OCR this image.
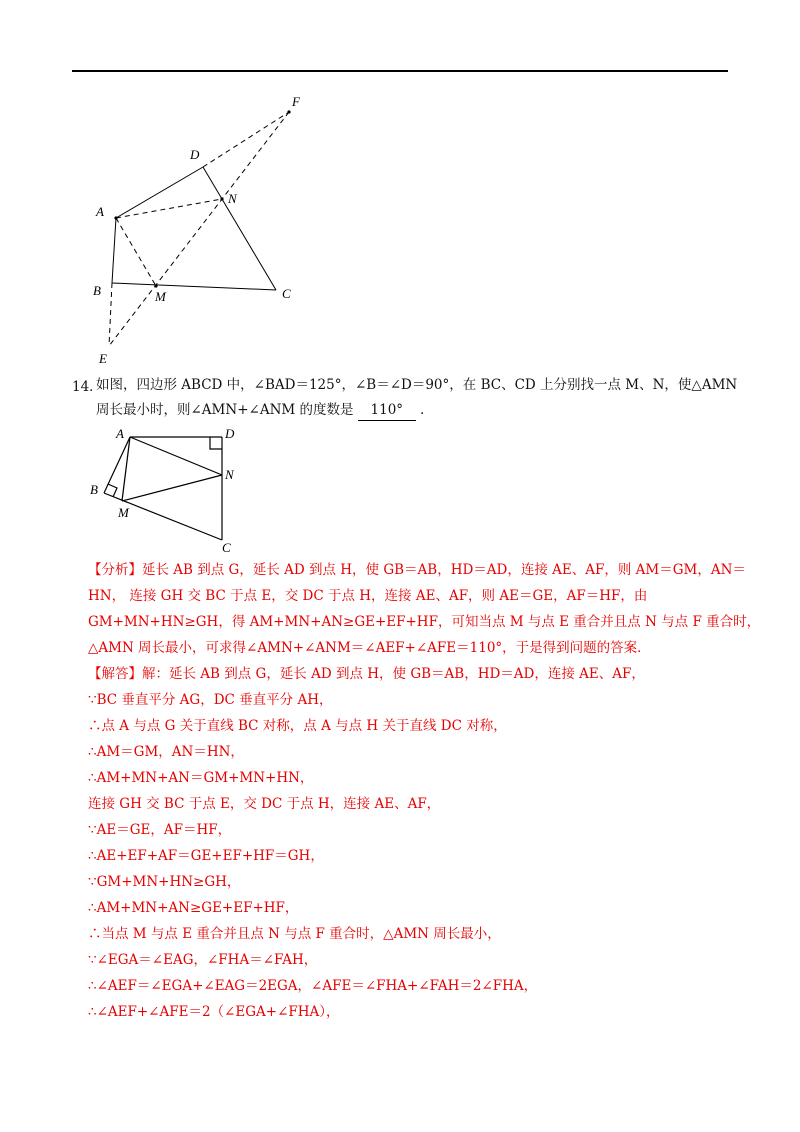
F
D
N
A
B	M	C
E
14．
如图，四边形 ABCD 中，∠BAD＝125°，∠B＝∠D＝90°，在 BC、CD 上分别找一点 M、N，使△AMN
周长最小时，则∠AMN+∠ANM 的度数是 110° ．
A	D
N
B
M
C
【分析】延长 AB 到点 G，延长 AD 到点 H，使 GB＝AB，HD＝AD，连接 AE、AF，则 AM＝GM，AN＝
HN， 连接 GH 交 BC 于点 E，交 DC 于点 H，连接 AE、AF，则 AE＝GE，AF＝HF，由
GM+MN+HN≥GH，得 AM+MN+AN≥GE+EF+HF，可知当点 M 与点 E 重合并且点 N 与点 F 重合时，
△AMN 周长最小，可求得∠AMN+∠ANM＝∠AEF+∠AFE＝110°，于是得到问题的答案．
【解答】解：延长 AB 到点 G，延长 AD 到点 H，使 GB＝AB，HD＝AD，连接 AE、AF，
∵BC 垂直平分 AG，DC 垂直平分 AH，
∴点 A 与点 G 关于直线 BC 对称，点 A 与点 H 关于直线 DC 对称，
∴AM＝GM，AN＝HN，
∴AM+MN+AN＝GM+MN+HN，
连接 GH 交 BC 于点 E，交 DC 于点 H，连接 AE、AF，
∵AE＝GE，AF＝HF，
∴AE+EF+AF＝GE+EF+HF＝GH，
∵GM+MN+HN≥GH，
∴AM+MN+AN≥GE+EF+HF，
∴当点 M 与点 E 重合并且点 N 与点 F 重合时，△AMN 周长最小，
∵∠EGA＝∠EAG，∠FHA＝∠FAH，
∴∠AEF＝∠EGA+∠EAG＝2EGA，∠AFE＝∠FHA+∠FAH＝2∠FHA，
∴∠AEF+∠AFE＝2（∠EGA+∠FHA），
